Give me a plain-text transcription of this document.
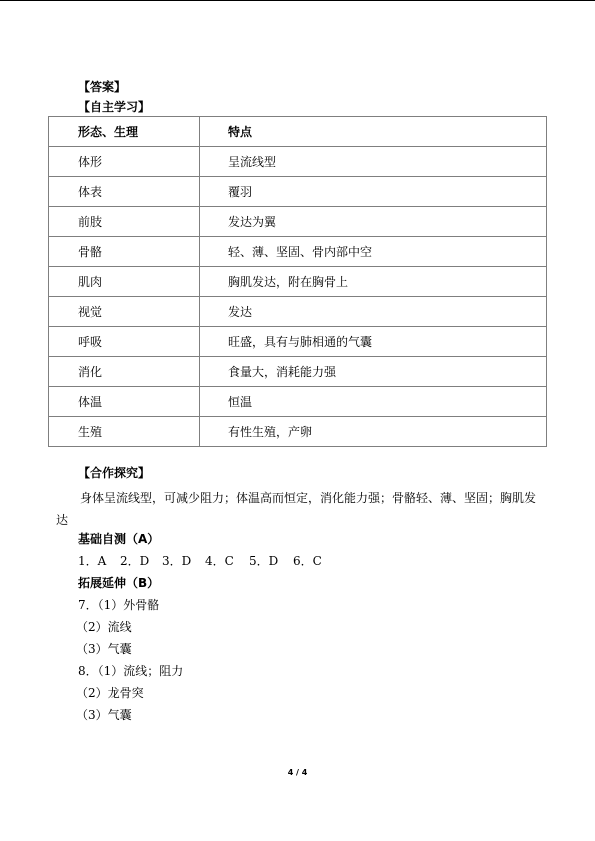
【答案】
【自主学习】
形态、生理	特点
体形	呈流线型
体表	覆羽
前肢	发达为翼
骨骼	轻、薄、坚固、骨内部中空
肌肉	胸肌发达，附在胸骨上
视觉	发达
呼吸	旺盛，具有与肺相通的气囊
消化	食量大，消耗能力强
体温	恒温
生殖	有性生殖，产卵
【合作探究】
身体呈流线型，可减少阻力；体温高而恒定，消化能力强；骨骼轻、薄、坚固；胸肌发达
基础自测（A）
1．A 2．D 3．D 4．C 5．D 6．C
拓展延伸（B）
7．（1）外骨骼
（2）流线
（3）气囊
8．（1）流线；阻力
（2）龙骨突
（3）气囊
4 / 4
